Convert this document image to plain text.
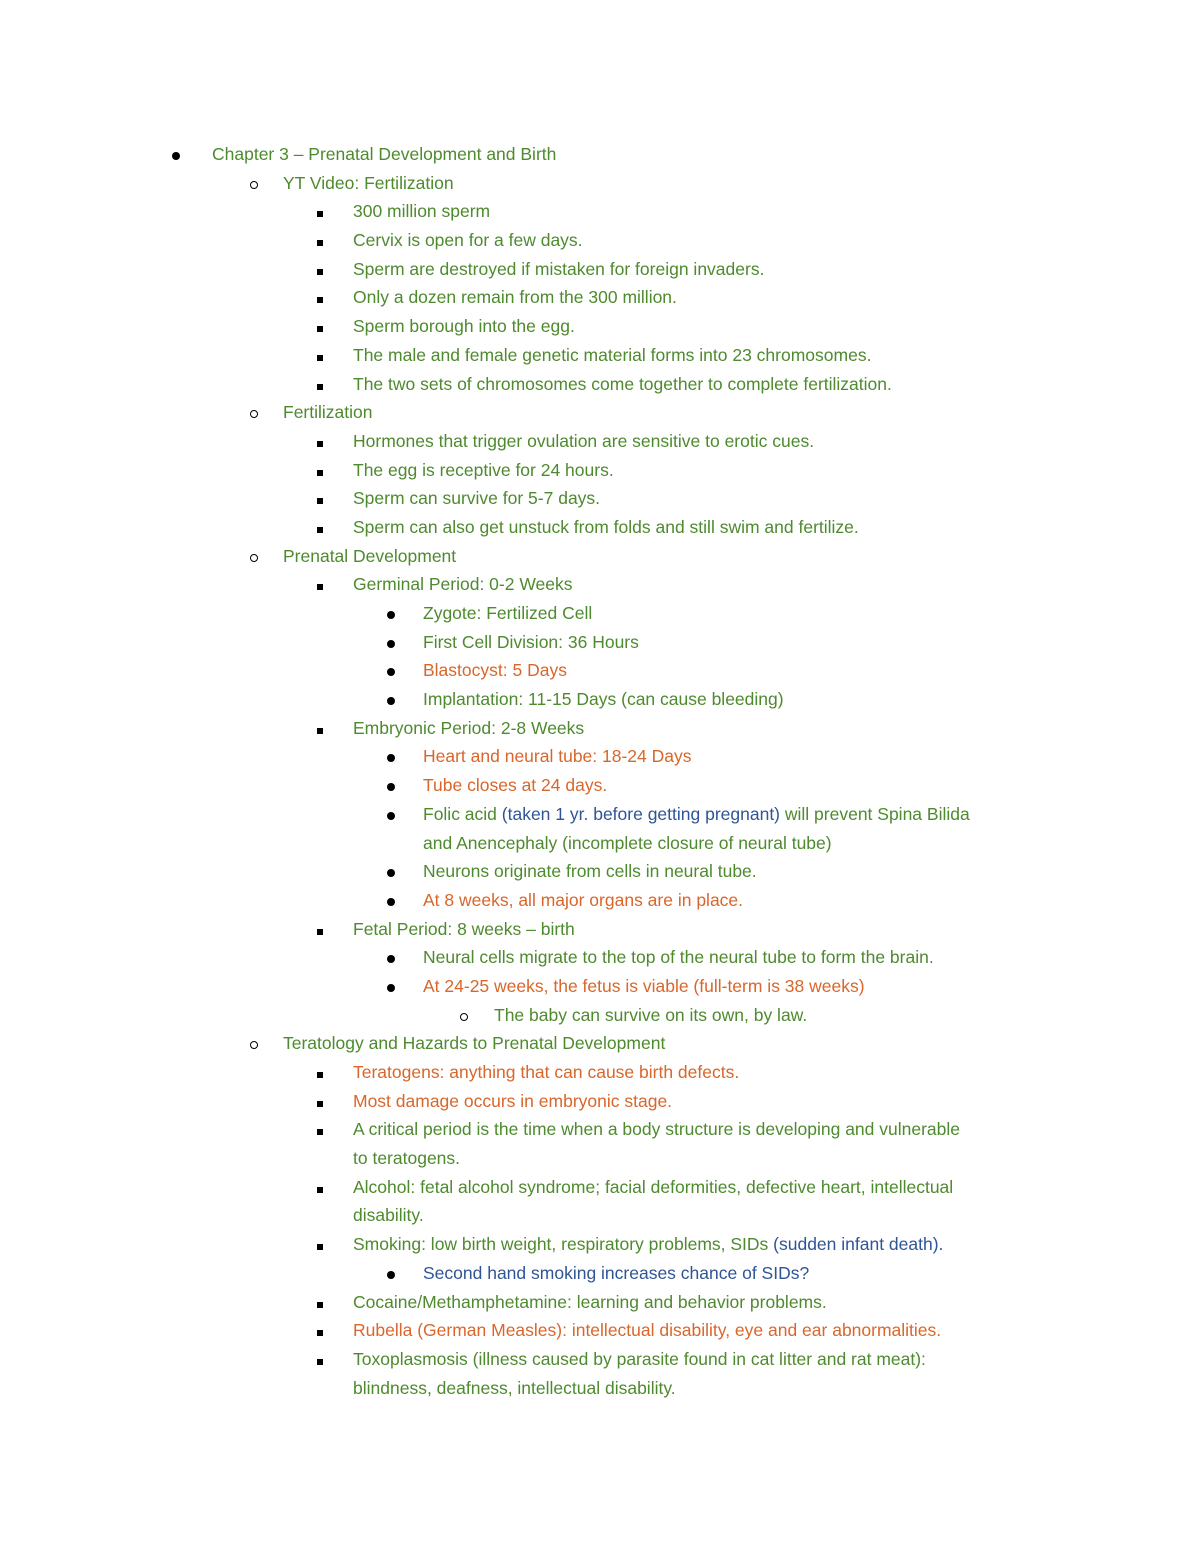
Chapter 3 – Prenatal Development and Birth
YT Video: Fertilization
300 million sperm
Cervix is open for a few days.
Sperm are destroyed if mistaken for foreign invaders.
Only a dozen remain from the 300 million.
Sperm borough into the egg.
The male and female genetic material forms into 23 chromosomes.
The two sets of chromosomes come together to complete fertilization.
Fertilization
Hormones that trigger ovulation are sensitive to erotic cues.
The egg is receptive for 24 hours.
Sperm can survive for 5-7 days.
Sperm can also get unstuck from folds and still swim and fertilize.
Prenatal Development
Germinal Period: 0-2 Weeks
Zygote: Fertilized Cell
First Cell Division: 36 Hours
Blastocyst: 5 Days
Implantation: 11-15 Days (can cause bleeding)
Embryonic Period: 2-8 Weeks
Heart and neural tube: 18-24 Days
Tube closes at 24 days.
Folic acid (taken 1 yr. before getting pregnant) will prevent Spina Bilida
and Anencephaly (incomplete closure of neural tube)
Neurons originate from cells in neural tube.
At 8 weeks, all major organs are in place.
Fetal Period: 8 weeks – birth
Neural cells migrate to the top of the neural tube to form the brain.
At 24-25 weeks, the fetus is viable (full-term is 38 weeks)
The baby can survive on its own, by law.
Teratology and Hazards to Prenatal Development
Teratogens: anything that can cause birth defects.
Most damage occurs in embryonic stage.
A critical period is the time when a body structure is developing and vulnerable
to teratogens.
Alcohol: fetal alcohol syndrome; facial deformities, defective heart, intellectual
disability.
Smoking: low birth weight, respiratory problems, SIDs (sudden infant death).
Second hand smoking increases chance of SIDs?
Cocaine/Methamphetamine: learning and behavior problems.
Rubella (German Measles): intellectual disability, eye and ear abnormalities.
Toxoplasmosis (illness caused by parasite found in cat litter and rat meat):
blindness, deafness, intellectual disability.
